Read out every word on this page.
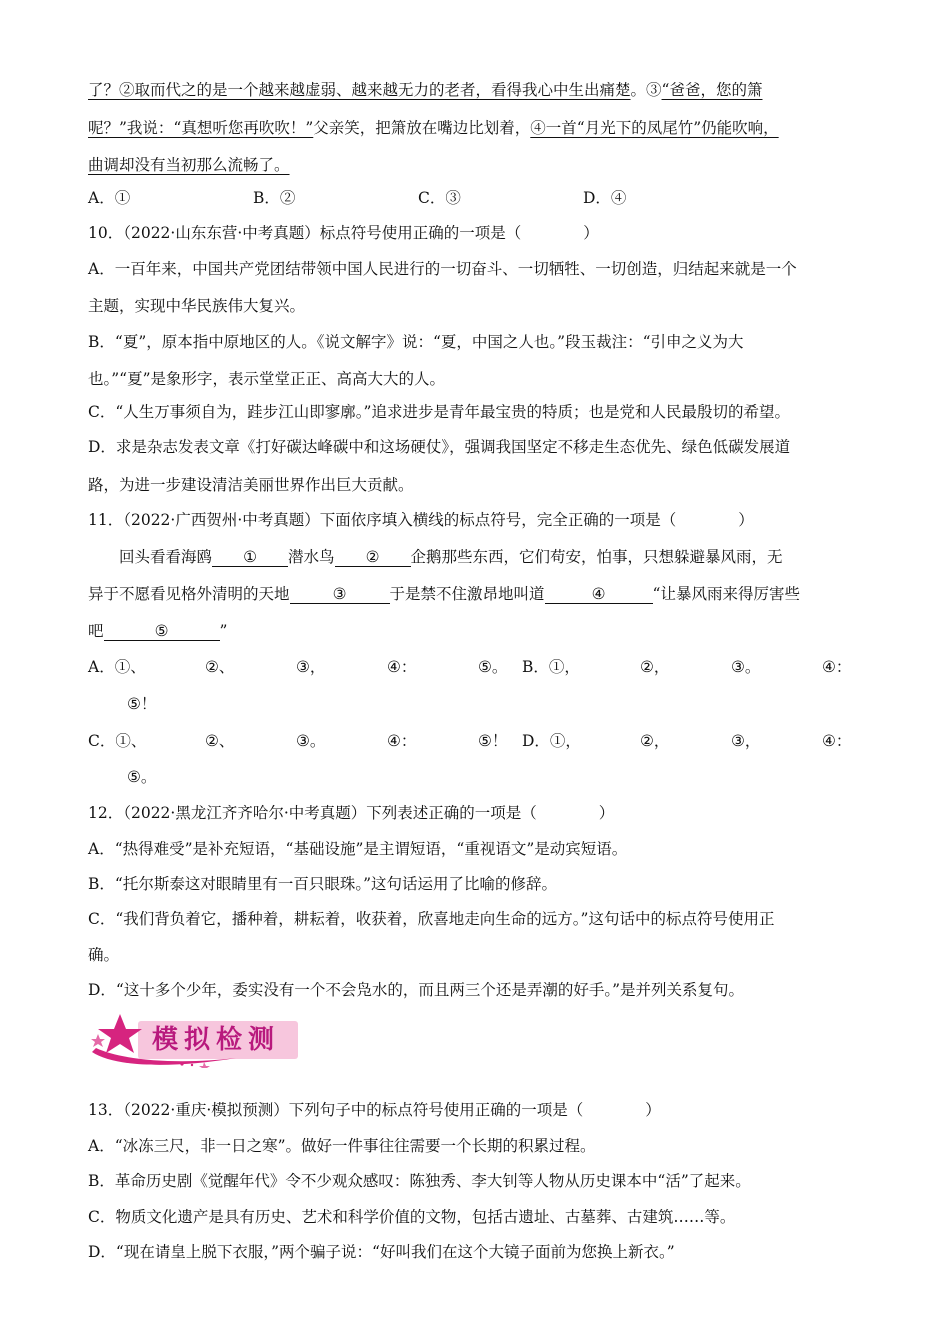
了？②取而代之的是一个越来越虚弱、越来越无力的老者，看得我心中生出痛楚。③“爸爸，您的箫
呢？”我说：“真想听您再吹吹！”父亲笑，把箫放在嘴边比划着，④一首“月光下的凤尾竹”仍能吹响，
曲调却没有当初那么流畅了。
A．①	B．②	C．③	D．④
10．（2022·山东东营·中考真题）标点符号使用正确的一项是（	）
A．一百年来，中国共产党团结带领中国人民进行的一切奋斗、一切牺牲、一切创造，归结起来就是一个
主题，实现中华民族伟大复兴。
B．“夏”，原本指中原地区的人。《说文解字》说：“夏，中国之人也。”段玉裁注：“引申之义为大
也。”“夏”是象形字，表示堂堂正正、高高大大的人。
C．“人生万事须自为，跬步江山即寥廓。”追求进步是青年最宝贵的特质；也是党和人民最殷切的希望。
D．求是杂志发表文章《打好碳达峰碳中和这场硬仗》，强调我国坚定不移走生态优先、绿色低碳发展道
路，为进一步建设清洁美丽世界作出巨大贡献。
11．（2022·广西贺州·中考真题）下面依序填入横线的标点符号，完全正确的一项是（	）
回头看看海鸥 ① 潜水鸟 ② 企鹅那些东西，它们苟安，怕事，只想躲避暴风雨，无
异于不愿看见格外清明的天地	③	于是禁不住激昂地叫道	④	“让暴风雨来得厉害些
吧	⑤	”
A．①、	②、	③，	④：	⑤。 B．①，	②，	③。	④：
⑤！
C．①、	②、	③。	④：	⑤！ D．①，	②，	③，	④：
⑤。
12．（2022·黑龙江齐齐哈尔·中考真题）下列表述正确的一项是（	）
A．“热得难受”是补充短语，“基础设施”是主谓短语，“重视语文”是动宾短语。
B．“托尔斯泰这对眼睛里有一百只眼珠。”这句话运用了比喻的修辞。
C．“我们背负着它，播种着，耕耘着，收获着，欣喜地走向生命的远方。”这句话中的标点符号使用正
确。
D．“这十多个少年，委实没有一个不会凫水的，而且两三个还是弄潮的好手。”是并列关系复句。
模拟检测
13．（2022·重庆·模拟预测）下列句子中的标点符号使用正确的一项是（	）
A．“冰冻三尺，非一日之寒”。做好一件事往往需要一个长期的积累过程。
B．革命历史剧《觉醒年代》令不少观众感叹：陈独秀、李大钊等人物从历史课本中“活”了起来。
C．物质文化遗产是具有历史、艺术和科学价值的文物，包括古遗址、古墓葬、古建筑……等。
D．“现在请皇上脱下衣服，”两个骗子说：“好叫我们在这个大镜子面前为您换上新衣。”
